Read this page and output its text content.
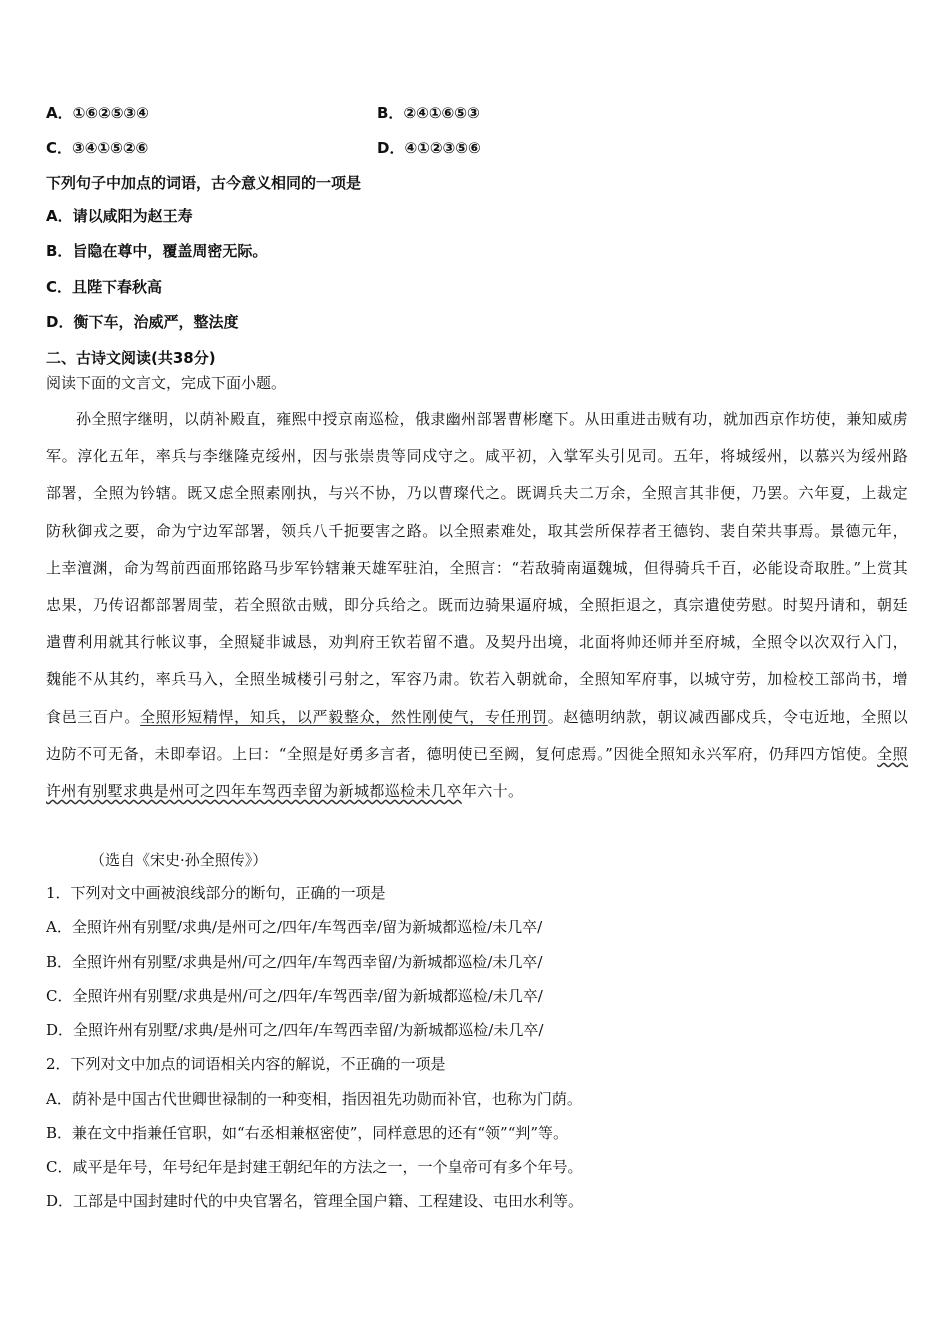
A．①⑥②⑤③④	B．②④①⑥⑤③
C．③④①⑤②⑥	D．④①②③⑤⑥
下列句子中加点的词语，古今意义相同的一项是
A．请以咸阳为赵王寿
B．旨隐在尊中，覆盖周密无际。
C．且陛下春秋高
D．衡下车，治威严，整法度
二、古诗文阅读(共38分)
阅读下面的文言文，完成下面小题。
孙全照字继明，以荫补殿直，雍熙中授京南巡检，俄隶幽州部署曹彬麾下。从田重进击贼有功，就加西京作坊使，兼知威虏军。淳化五年，率兵与李继隆克绥州，因与张崇贵等同戍守之。咸平初，入掌军头引见司。五年，将城绥州，以慕兴为绥州路部署，全照为钤辖。既又虑全照素刚执，与兴不协，乃以曹璨代之。既调兵夫二万余，全照言其非便，乃罢。六年夏，上裁定防秋御戎之要，命为宁边军部署，领兵八千扼要害之路。以全照素难处，取其尝所保荐者王德钧、裴自荣共事焉。景德元年，上幸澶渊，命为驾前西面邢铭路马步军钤辖兼天雄军驻泊，全照言：“若敌骑南逼魏城，但得骑兵千百，必能设奇取胜。”上赏其忠果，乃传诏都部署周莹，若全照欲击贼，即分兵给之。既而边骑果逼府城，全照拒退之，真宗遣使劳慰。时契丹请和，朝廷遣曹利用就其行帐议事，全照疑非诚恳，劝判府王钦若留不遣。及契丹出境，北面将帅还师并至府城，全照令以次双行入门，魏能不从其约，率兵马入，全照坐城楼引弓射之，军容乃肃。钦若入朝就命，全照知军府事，以城守劳，加检校工部尚书，增食邑三百户。全照形短精悍，知兵，以严毅整众，然性刚使气，专任刑罚。赵德明纳款，朝议减西鄙戍兵，令屯近地，全照以边防不可无备，未即奉诏。上曰：“全照是好勇多言者，德明使已至阙，复何虑焉。”因徙全照知永兴军府，仍拜四方馆使。全照许州有别墅求典是州可之四年车驾西幸留为新城都巡检未几卒年六十。
（选自《宋史·孙全照传》）
1．下列对文中画被浪线部分的断句，正确的一项是
A．全照许州有别墅/求典/是州可之/四年/车驾西幸/留为新城都巡检/未几卒/
B．全照许州有别墅/求典是州/可之/四年/车驾西幸留/为新城都巡检/未几卒/
C．全照许州有别墅/求典是州/可之/四年/车驾西幸/留为新城都巡检/未几卒/
D．全照许州有别墅/求典/是州可之/四年/车驾西幸留/为新城都巡检/未几卒/
2．下列对文中加点的词语相关内容的解说，不正确的一项是
A．荫补是中国古代世卿世禄制的一种变相，指因祖先功勋而补官，也称为门荫。
B．兼在文中指兼任官职，如“右丞相兼枢密使”，同样意思的还有“领”“判”等。
C．咸平是年号，年号纪年是封建王朝纪年的方法之一，一个皇帝可有多个年号。
D．工部是中国封建时代的中央官署名，管理全国户籍、工程建设、屯田水利等。
